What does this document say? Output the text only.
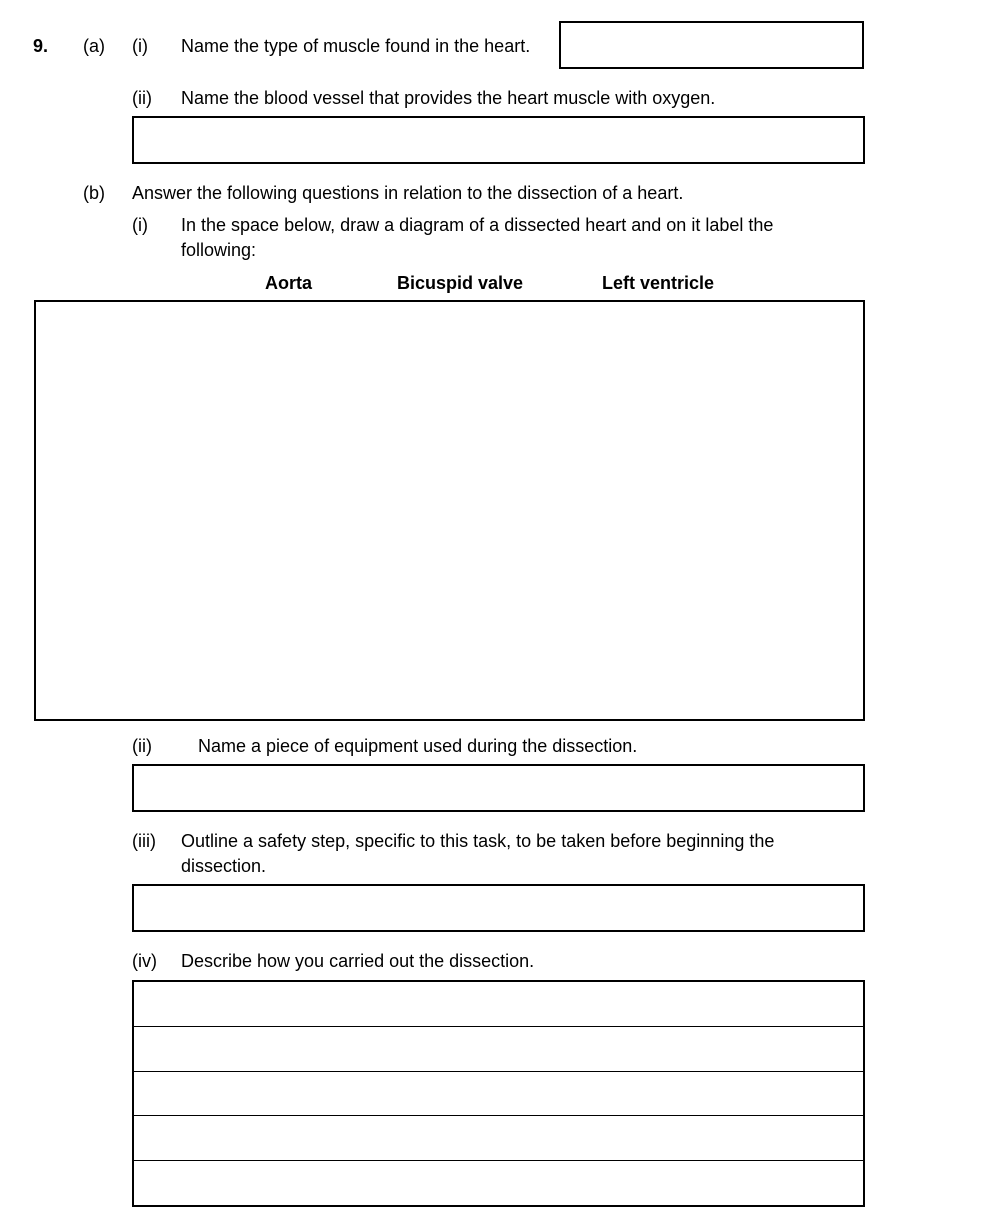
9. (a) (i) Name the type of muscle found in the heart.
(ii) Name the blood vessel that provides the heart muscle with oxygen.
(b) Answer the following questions in relation to the dissection of a heart.
(i) In the space below, draw a diagram of a dissected heart and on it label the
following:
Aorta	Bicuspid valve	Left ventricle
(ii)	Name a piece of equipment used during the dissection.
(iii) Outline a safety step, specific to this task, to be taken before beginning the
dissection.
(iv) Describe how you carried out the dissection.
